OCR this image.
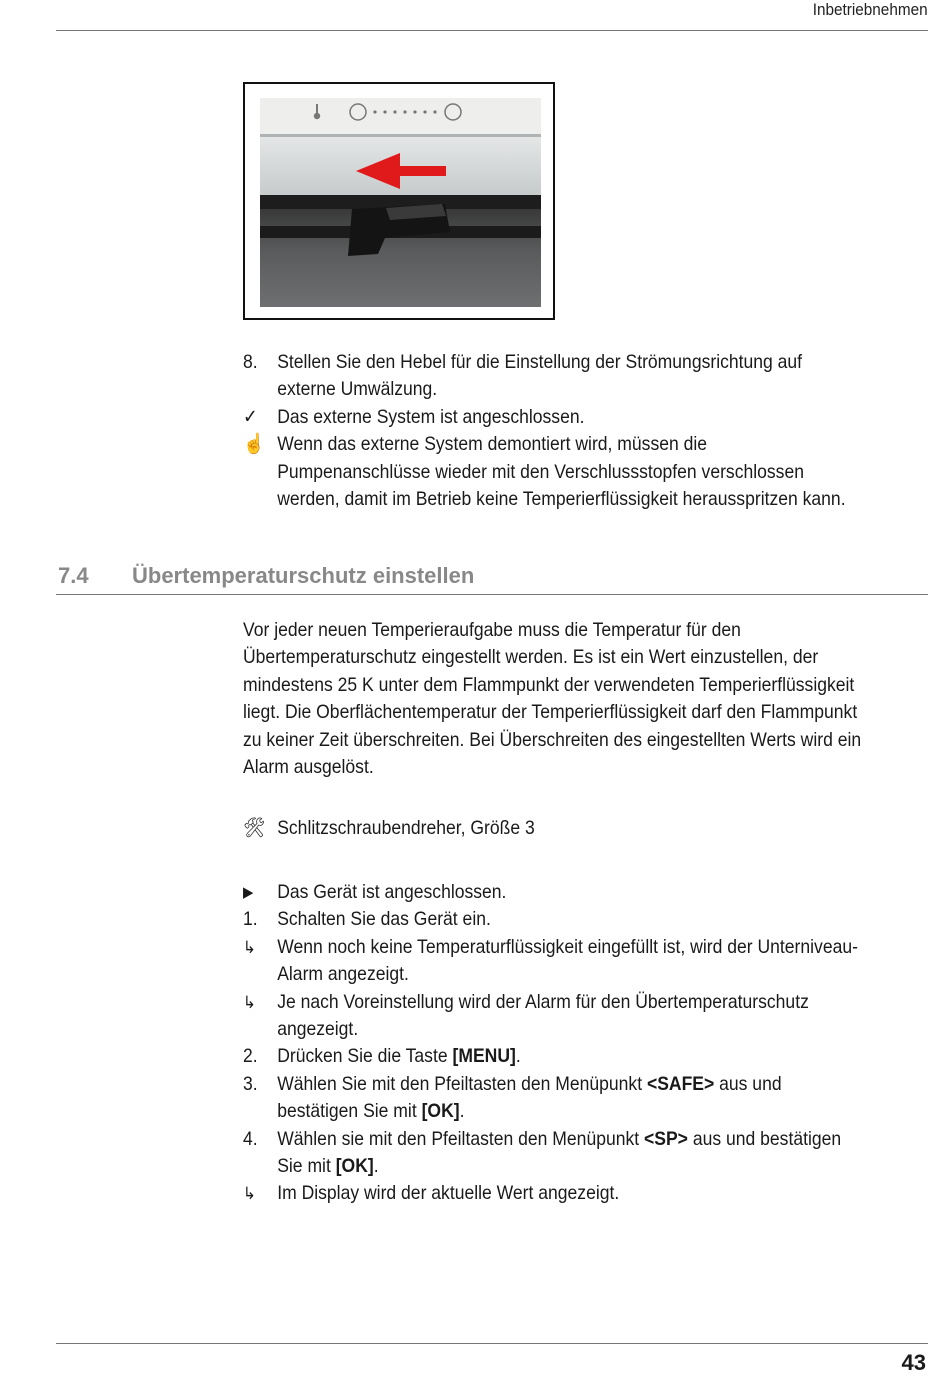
Inbetriebnehmen
8.	Stellen Sie den Hebel für die Einstellung der Strömungsrichtung auf externe Umwälzung.
✓ Das externe System ist angeschlossen.
☝ Wenn das externe System demontiert wird, müssen die Pumpenanschlüsse wieder mit den Verschlussstopfen verschlossen werden, damit im Betrieb keine Temperierflüssigkeit herausspritzen kann.
7.4 Übertemperaturschutz einstellen
Vor jeder neuen Temperieraufgabe muss die Temperatur für den Übertemperaturschutz eingestellt werden. Es ist ein Wert einzustellen, der mindestens 25 K unter dem Flammpunkt der verwendeten Temperierflüssigkeit liegt. Die Oberflächentemperatur der Temperierflüssigkeit darf den Flammpunkt zu keiner Zeit überschreiten. Bei Überschreiten des eingestellten Werts wird ein Alarm ausgelöst.
🛠 Schlitzschraubendreher, Größe 3
▶	Das Gerät ist angeschlossen.
1.	Schalten Sie das Gerät ein.
↳	Wenn noch keine Temperaturflüssigkeit eingefüllt ist, wird der Unterniveau-Alarm angezeigt.
↳	Je nach Voreinstellung wird der Alarm für den Übertemperaturschutz angezeigt.
2.	Drücken Sie die Taste [MENU].
3.	Wählen Sie mit den Pfeiltasten den Menüpunkt <SAFE> aus und bestätigen Sie mit [OK].
4.	Wählen sie mit den Pfeiltasten den Menüpunkt <SP> aus und bestätigen Sie mit [OK].
↳	Im Display wird der aktuelle Wert angezeigt.
43
